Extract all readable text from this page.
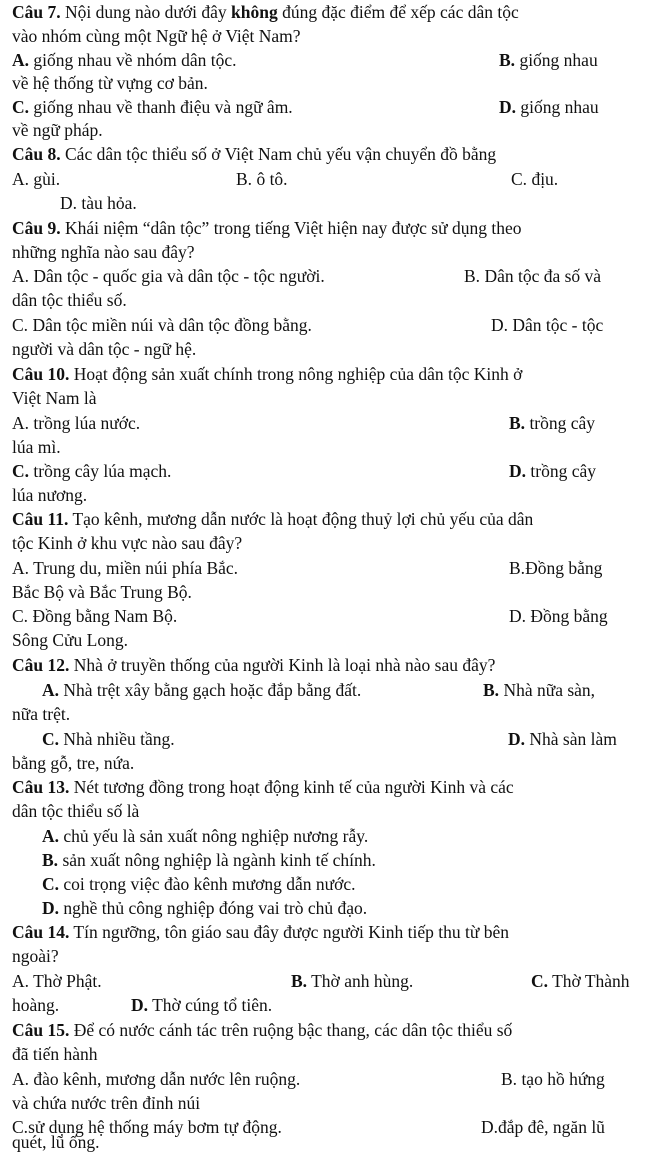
Câu 7. Nội dung nào dưới đây không đúng đặc điểm để xếp các dân tộc
vào nhóm cùng một Ngữ hệ ở Việt Nam?
A. giống nhau về nhóm dân tộc.	B. giống nhau
về hệ thống từ vựng cơ bản.
C. giống nhau về thanh điệu và ngữ âm.	D. giống nhau
về ngữ pháp.
Câu 8. Các dân tộc thiểu số ở Việt Nam chủ yếu vận chuyển đồ bằng
A. gùi.	B. ô tô.	C. địu.
D. tàu hỏa.
Câu 9. Khái niệm “dân tộc” trong tiếng Việt hiện nay được sử dụng theo
những nghĩa nào sau đây?
A. Dân tộc - quốc gia và dân tộc - tộc người.	B. Dân tộc đa số và
dân tộc thiểu số.
C. Dân tộc miền núi và dân tộc đồng bằng.	D. Dân tộc - tộc
người và dân tộc - ngữ hệ.
Câu 10. Hoạt động sản xuất chính trong nông nghiệp của dân tộc Kinh ở
Việt Nam là
A. trồng lúa nước.	B. trồng cây
lúa mì.
C. trồng cây lúa mạch.	D. trồng cây
lúa nương.
Câu 11. Tạo kênh, mương dẫn nước là hoạt động thuỷ lợi chủ yếu của dân
tộc Kinh ở khu vực nào sau đây?
A. Trung du, miền núi phía Bắc.	B.Đồng bằng
Bắc Bộ và Bắc Trung Bộ.
C. Đồng bằng Nam Bộ.	D. Đồng bằng
Sông Cửu Long.
Câu 12. Nhà ở truyền thống của người Kinh là loại nhà nào sau đây?
A. Nhà trệt xây bằng gạch hoặc đắp bằng đất.	B. Nhà nữa sàn,
nữa trệt.
C. Nhà nhiều tầng.	D. Nhà sàn làm
bằng gỗ, tre, nứa.
Câu 13. Nét tương đồng trong hoạt động kinh tế của người Kinh và các
dân tộc thiểu số là
A. chủ yếu là sản xuất nông nghiệp nương rẫy.
B. sản xuất nông nghiệp là ngành kinh tế chính.
C. coi trọng việc đào kênh mương dẫn nước.
D. nghề thủ công nghiệp đóng vai trò chủ đạo.
Câu 14. Tín ngưỡng, tôn giáo sau đây được người Kinh tiếp thu từ bên
ngoài?
A. Thờ Phật.	B. Thờ anh hùng.	C. Thờ Thành
hoàng.	D. Thờ cúng tổ tiên.
Câu 15. Để có nước cánh tác trên ruộng bậc thang, các dân tộc thiểu số
đã tiến hành
A. đào kênh, mương dẫn nước lên ruộng.	B. tạo hồ hứng
và chứa nước trên đỉnh núi
C.sử dụng hệ thống máy bơm tự động.	D.đắp đê, ngăn lũ
quét, lũ ống.
